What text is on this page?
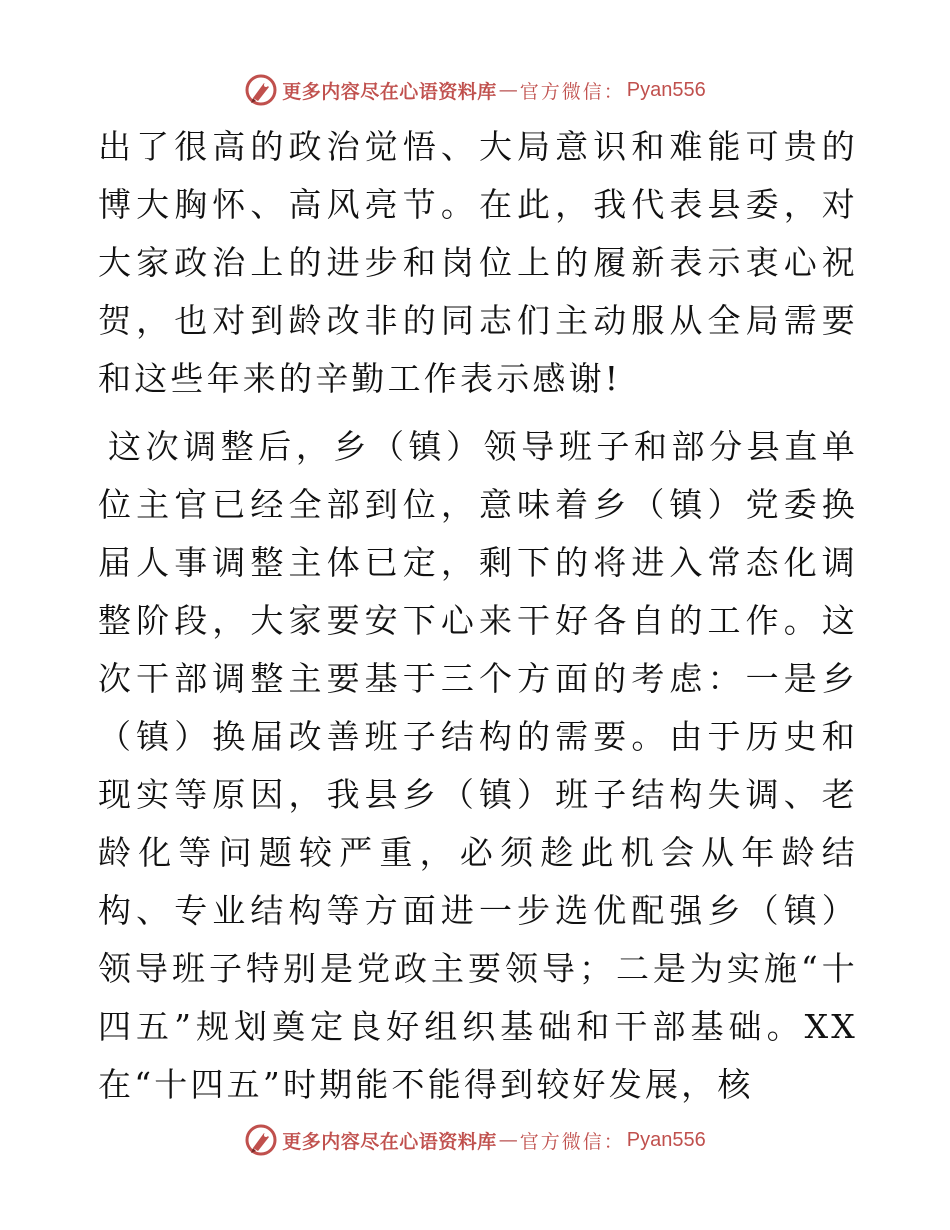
更多内容尽在心语资料库 — 官方微信： Pyan556

出了很高的政治觉悟、大局意识和难能可贵的博大胸怀、高风亮节。在此，我代表县委，对大家政治上的进步和岗位上的履新表示衷心祝贺，也对到龄改非的同志们主动服从全局需要和这些年来的辛勤工作表示感谢!

这次调整后，乡（镇）领导班子和部分县直单位主官已经全部到位，意味着乡（镇）党委换届人事调整主体已定，剩下的将进入常态化调整阶段，大家要安下心来干好各自的工作。这次干部调整主要基于三个方面的考虑：一是乡（镇）换届改善班子结构的需要。由于历史和现实等原因，我县乡（镇）班子结构失调、老龄化等问题较严重，必须趁此机会从年龄结构、专业结构等方面进一步选优配强乡（镇）领导班子特别是党政主要领导；二是为实施“十四五”规划奠定良好组织基础和干部基础。XX在“十四五”时期能不能得到较好发展，核

更多内容尽在心语资料库 — 官方微信： Pyan556
